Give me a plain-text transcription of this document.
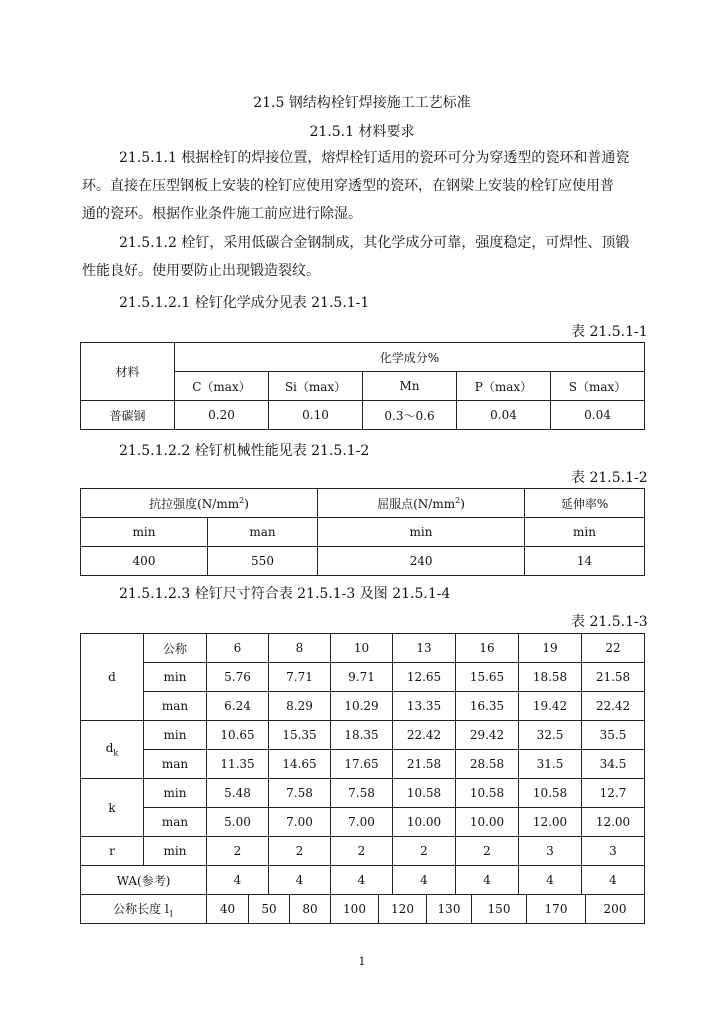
21.5 钢结构栓钉焊接施工工艺标准
21.5.1 材料要求
21.5.1.1 根据栓钉的焊接位置，熔焊栓钉适用的瓷环可分为穿透型的瓷环和普通瓷
环。直接在压型钢板上安装的栓钉应使用穿透型的瓷环，在钢梁上安装的栓钉应使用普
通的瓷环。根据作业条件施工前应进行除湿。
21.5.1.2 栓钉，采用低碳合金钢制成，其化学成分可靠，强度稳定，可焊性、顶锻
性能良好。使用要防止出现锻造裂纹。
21.5.1.2.1 栓钉化学成分见表 21.5.1-1
表 21.5.1-1
材料	化学成分%				
	C（max）	Si（max）	Mn	P（max）	S（max）
普碳钢	0.20	0.10	0.3～0.6	0.04	0.04
21.5.1.2.2 栓钉机械性能见表 21.5.1-2
表 21.5.1-2
抗拉强度$(N/mm^2)$		屈服点$(N/mm^2)$	延伸率%
min	man	min	min
400	550	240	14
21.5.1.2.3 栓钉尺寸符合表 21.5.1-3 及图 21.5.1-4
表 21.5.1-3
d	公称	6	8	10	13	16	19	22
	min	5.76	7.71	9.71	12.65	15.65	18.58	21.58
	man	6.24	8.29	10.29	13.35	16.35	19.42	22.42
$d_k$	min	10.65	15.35	18.35	22.42	29.42	32.5	35.5
	man	11.35	14.65	17.65	21.58	28.58	31.5	34.5
k	min	5.48	7.58	7.58	10.58	10.58	10.58	12.7
	man	5.00	7.00	7.00	10.00	10.00	12.00	12.00
r	min	2	2	2	2	2	3	3
WA(参考)		4	4	4	4	4	4	4
公称长度 $l_1$	40	50	80	100	120	130	150	170	200
1
